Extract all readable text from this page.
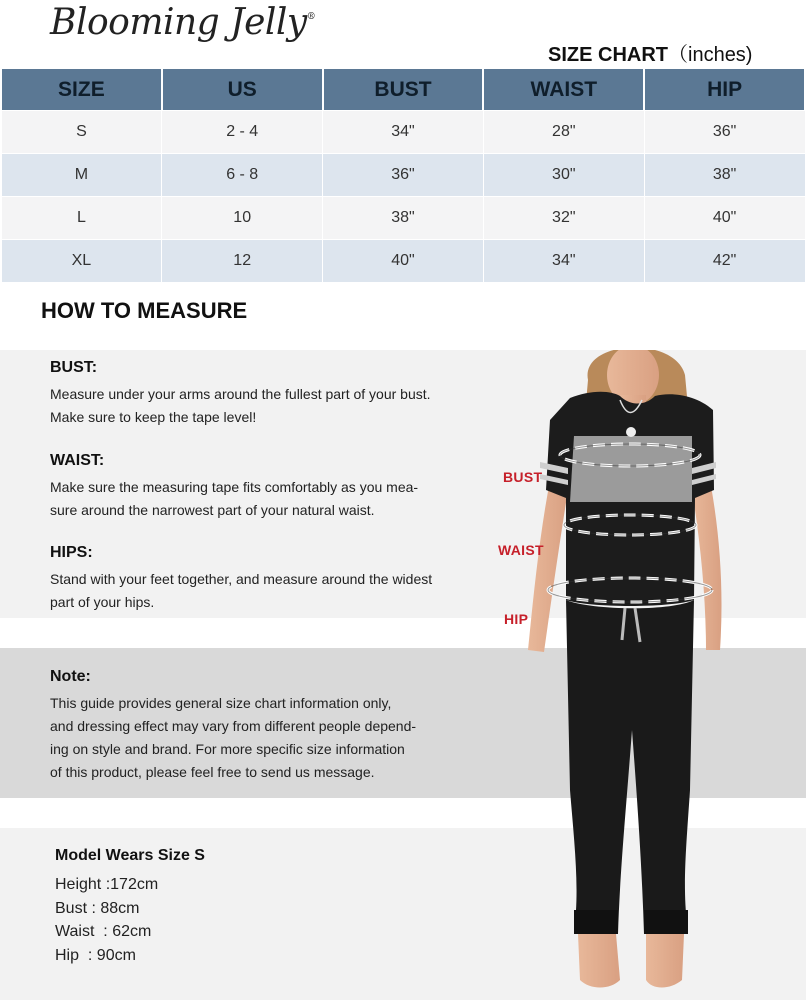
Blooming Jelly®
SIZE CHART（inches)
SIZE	US	BUST	WAIST	HIP
S	2 - 4	34"	28"	36"
M	6 - 8	36"	30"	38"
L	10	38"	32"	40"
XL	12	40"	34"	42"
HOW TO MEASURE
BUST:
Measure under your arms around the fullest part of your bust.
Make sure to keep the tape level!
WAIST:
Make sure the measuring tape fits comfortably as you mea-
sure around the narrowest part of your natural waist.
HIPS:
Stand with your feet together, and measure around the widest
part of your hips.
Note:
This guide provides general size chart information only,
and dressing effect may vary from different people depend-
ing on style and brand. For more specific size information
of this product, please feel free to send us message.
Model Wears Size S
Height :172cm
Bust : 88cm
Waist  : 62cm
Hip  : 90cm
BUST
WAIST
HIP
